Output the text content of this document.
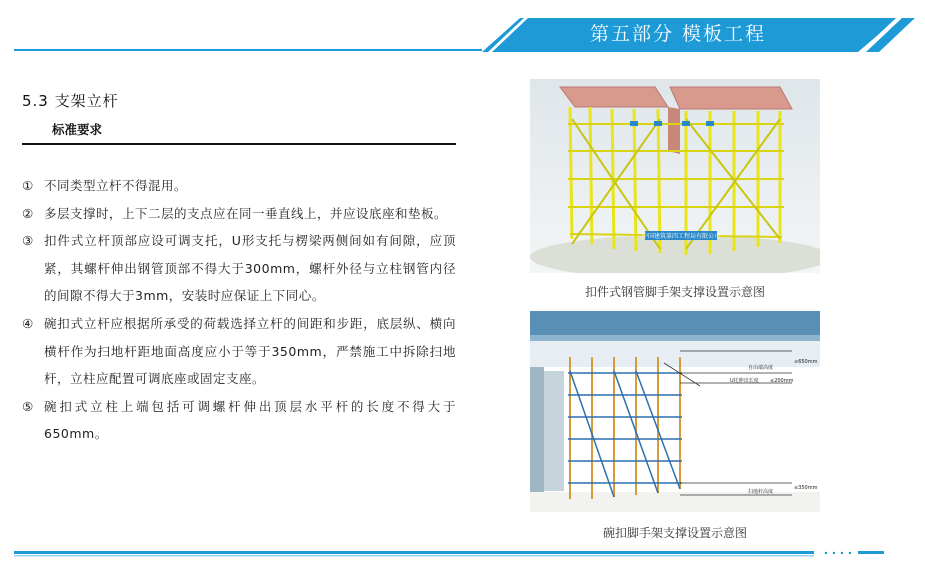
第五部分 模板工程
5.3 支架立杆
标准要求
① 不同类型立杆不得混用。
② 多层支撑时，上下二层的支点应在同一垂直线上，并应设底座和垫板。
③ 扣件式立杆顶部应设可调支托，U形支托与楞梁两侧间如有间隙，应顶紧，其螺杆伸出钢管顶部不得大于300mm，螺杆外径与立柱钢管内径的间隙不得大于3mm，安装时应保证上下同心。
④ 碗扣式立杆应根据所承受的荷载选择立杆的间距和步距，底层纵、横向横杆作为扫地杆距地面高度应小于等于350mm，严禁施工中拆除扫地杆，立柱应配置可调底座或固定支座。
⑤ 碗扣式立柱上端包括可调螺杆伸出顶层水平杆的长度不得大于650mm。
中国建筑第四工程局有限公司
扣件式钢管脚手架支撑设置示意图
自由端高度
≤650mm
U托伸出长度 ≤200mm
扫地杆高度
≤350mm
碗扣脚手架支撑设置示意图
